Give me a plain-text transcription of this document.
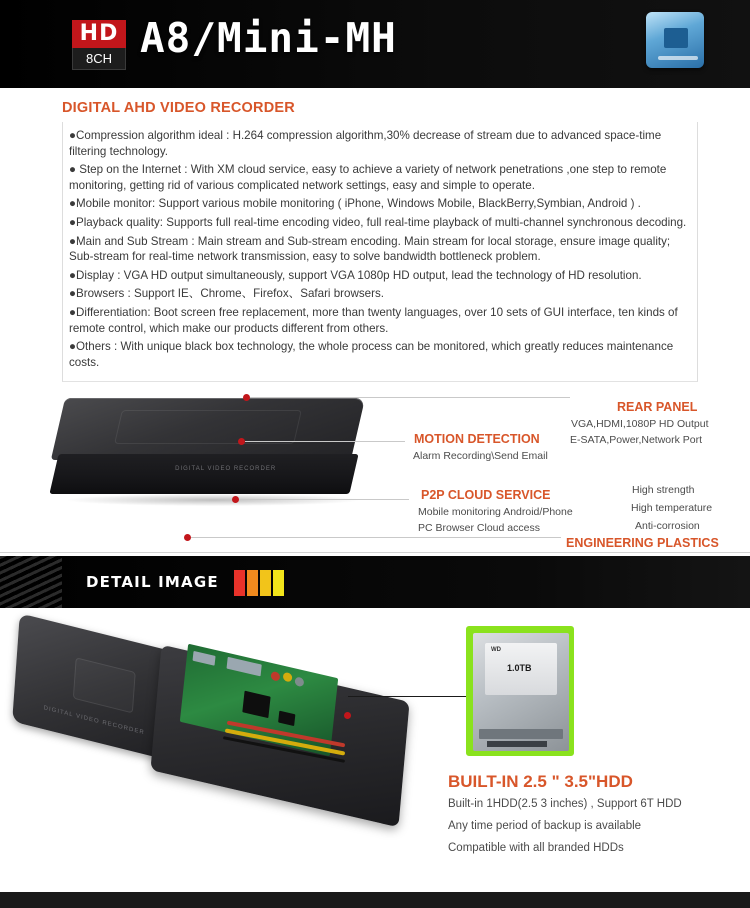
HD
8CH A8/Mini-MH
DIGITAL AHD VIDEO RECORDER

●Compression algorithm ideal : H.264 compression algorithm,30% decrease of stream due to advanced space-time filtering technology.

● Step on the Internet : With XM cloud service, easy to achieve a variety of network penetrations ,one step to remote monitoring, getting rid of various complicated network settings, easy and simple to operate.

●Mobile monitor: Support various mobile monitoring ( iPhone, Windows Mobile, BlackBerry,Symbian, Android ) .

●Playback quality: Supports full real-time encoding video, full real-time playback of multi-channel synchronous decoding.

●Main and Sub Stream : Main stream and Sub-stream encoding. Main stream for local storage, ensure image quality; Sub-stream for real-time network transmission, easy to solve bandwidth bottleneck problem.

●Display : VGA HD output simultaneously, support VGA 1080p HD output, lead the technology of HD resolution.

●Browsers : Support IE、Chrome、Firefox、Safari browsers.

●Differentiation: Boot screen free replacement, more than twenty languages, over 10 sets of GUI interface, ten kinds of remote control, which make our products different from others.

●Others : With unique black box technology, the whole process can be monitored, which greatly reduces maintenance costs.

DIGITAL VIDEO RECORDER
REAR PANEL
VGA,HDMI,1080P HD Output
E-SATA,Power,Network Port
MOTION DETECTION
Alarm Recording\Send Email
P2P CLOUD SERVICE
Mobile monitoring Android/Phone
PC Browser Cloud access
High strength
High temperature
Anti-corrosion
ENGINEERING PLASTICS
DETAIL IMAGE
DIGITAL VIDEO RECORDER
WD
1.0TB
BUILT-IN 2.5 " 3.5"HDD
Built-in 1HDD(2.5 3 inches) , Support 6T HDD
Any time period of backup is available
Compatible with all branded HDDs
